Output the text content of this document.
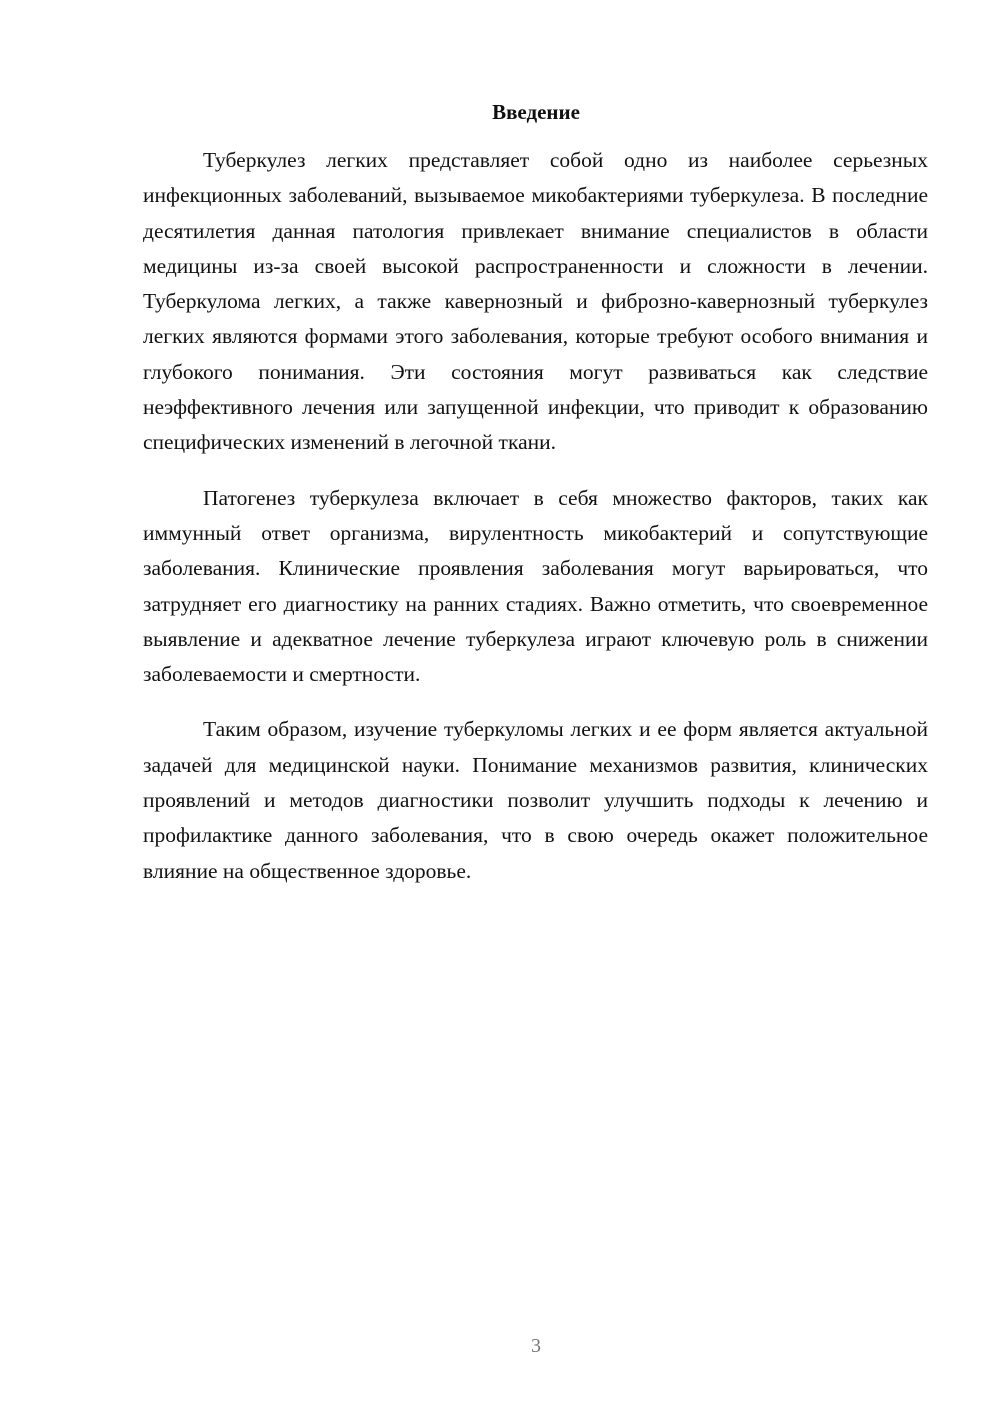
Введение

Туберкулез легких представляет собой одно из наиболее серьезных инфекционных заболеваний, вызываемое микобактериями туберкулеза. В последние десятилетия данная патология привлекает внимание специалистов в области медицины из-за своей высокой распространенности и сложности в лечении. Туберкулома легких, а также кавернозный и фиброзно-кавернозный туберкулез легких являются формами этого заболевания, которые требуют особого внимания и глубокого понимания. Эти состояния могут развиваться как следствие неэффективного лечения или запущенной инфекции, что приводит к образованию специфических изменений в легочной ткани.

Патогенез туберкулеза включает в себя множество факторов, таких как иммунный ответ организма, вирулентность микобактерий и сопутствующие заболевания. Клинические проявления заболевания могут варьироваться, что затрудняет его диагностику на ранних стадиях. Важно отметить, что своевременное выявление и адекватное лечение туберкулеза играют ключевую роль в снижении заболеваемости и смертности.

Таким образом, изучение туберкуломы легких и ее форм является актуальной задачей для медицинской науки. Понимание механизмов развития, клинических проявлений и методов диагностики позволит улучшить подходы к лечению и профилактике данного заболевания, что в свою очередь окажет положительное влияние на общественное здоровье.

3
